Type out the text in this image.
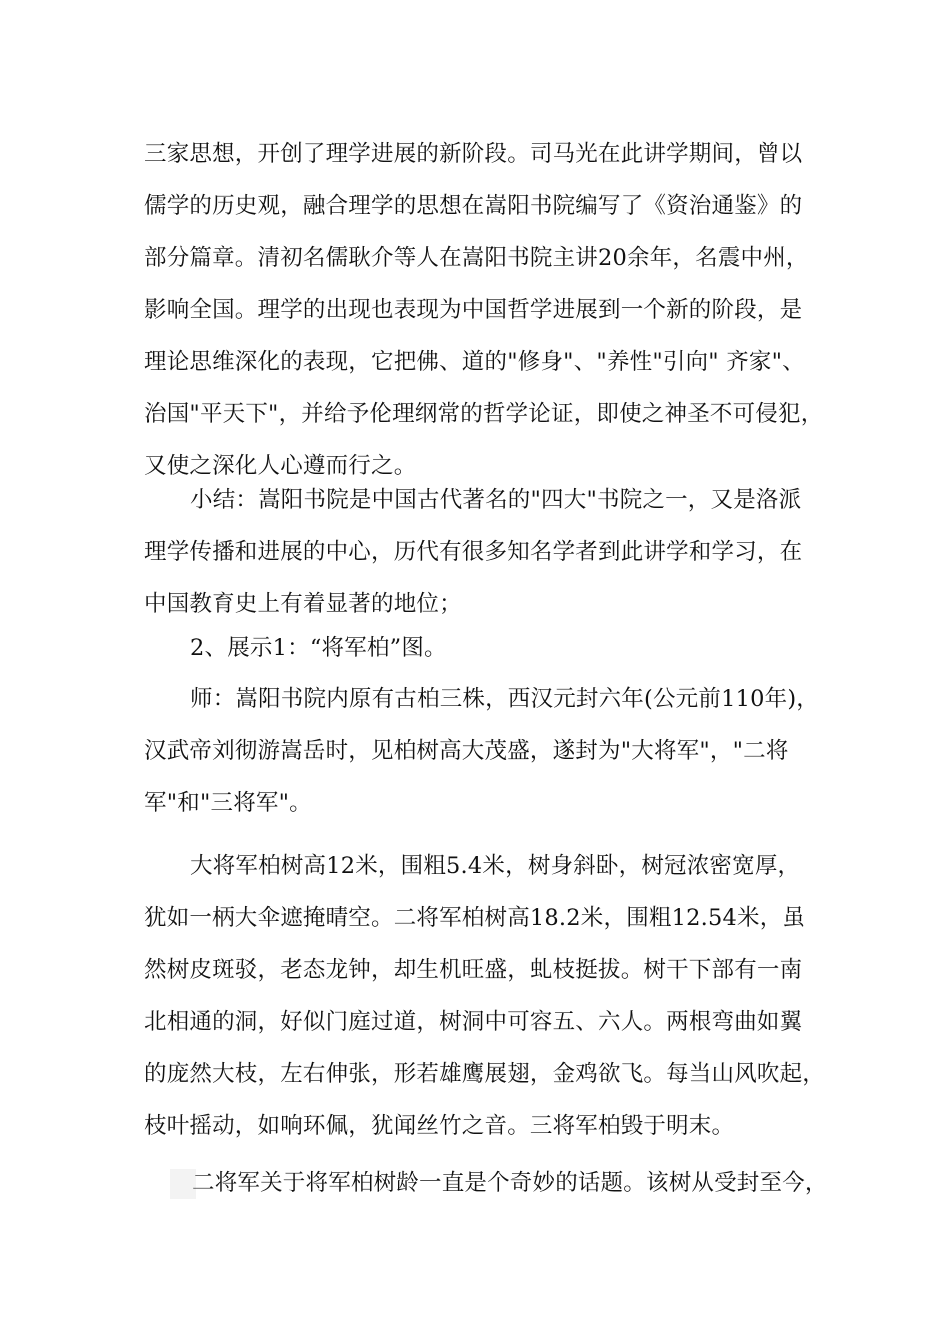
三家思想，开创了理学进展的新阶段。司马光在此讲学期间，曾以
儒学的历史观，融合理学的思想在嵩阳书院编写了《资治通鉴》的
部分篇章。清初名儒耿介等人在嵩阳书院主讲20余年，名震中州，
影响全国。理学的出现也表现为中国哲学进展到一个新的阶段，是
理论思维深化的表现，它把佛、道的"修身"、"养性"引向" 齐家"、
治国"平天下"，并给予伦理纲常的哲学论证，即使之神圣不可侵犯，
又使之深化人心遵而行之。
小结：嵩阳书院是中国古代著名的"四大"书院之一，又是洛派
理学传播和进展的中心，历代有很多知名学者到此讲学和学习，在
中国教育史上有着显著的地位；
2、展示1：“将军柏”图。
师：嵩阳书院内原有古柏三株，西汉元封六年(公元前110年)，
汉武帝刘彻游嵩岳时，见柏树高大茂盛，遂封为"大将军"，"二将
军"和"三将军"。
大将军柏树高12米，围粗5.4米，树身斜卧，树冠浓密宽厚，
犹如一柄大伞遮掩晴空。二将军柏树高18.2米，围粗12.54米，虽
然树皮斑驳，老态龙钟，却生机旺盛，虬枝挺拔。树干下部有一南
北相通的洞，好似门庭过道，树洞中可容五、六人。两根弯曲如翼
的庞然大枝，左右伸张，形若雄鹰展翅，金鸡欲飞。每当山风吹起，
枝叶摇动，如响环佩，犹闻丝竹之音。三将军柏毁于明末。
二将军关于将军柏树龄一直是个奇妙的话题。该树从受封至今，
